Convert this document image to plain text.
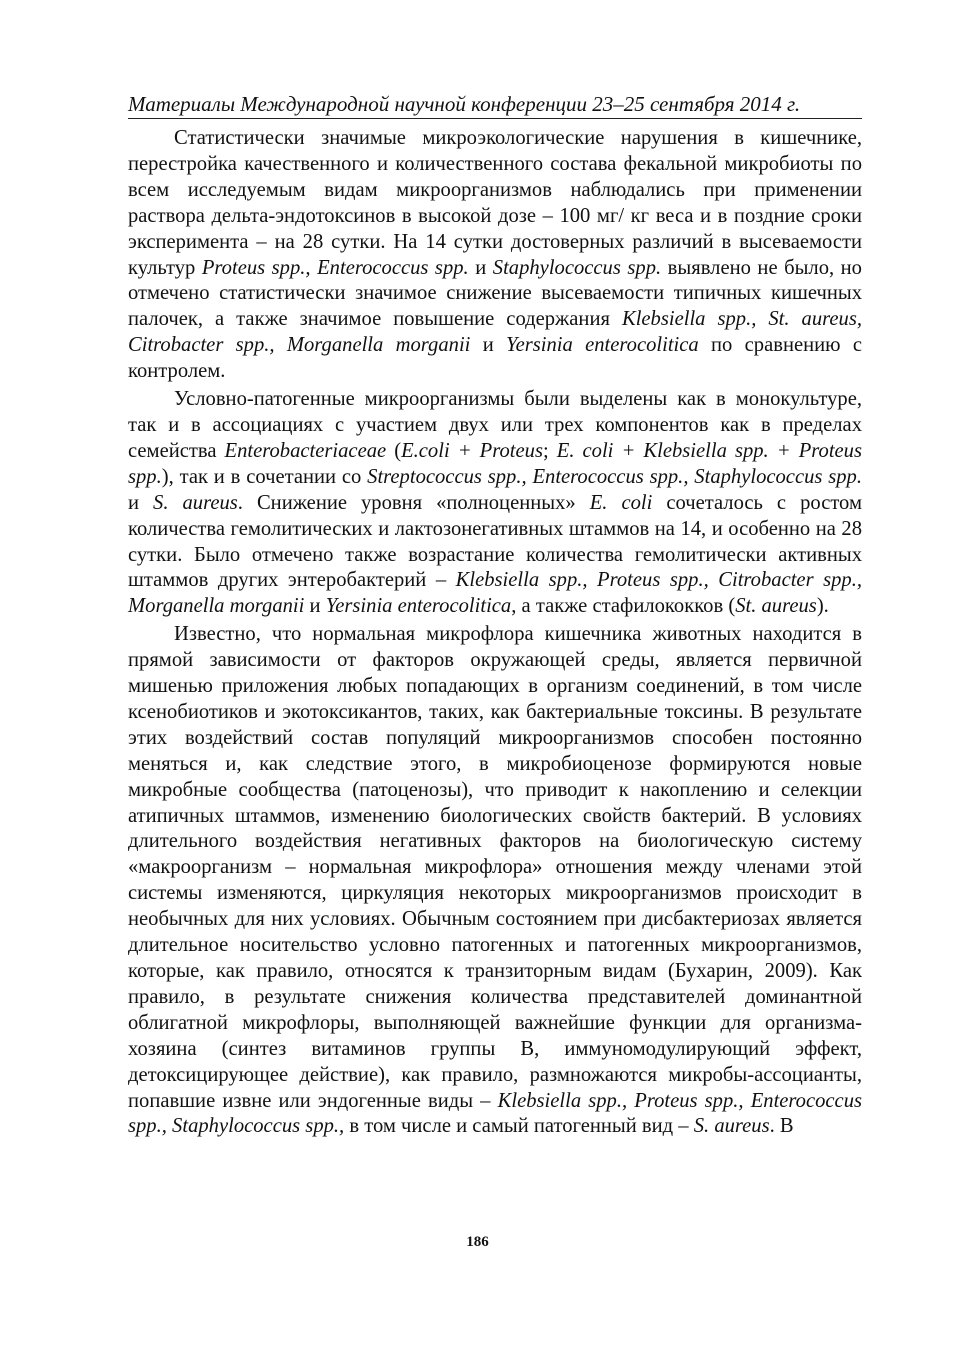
Материалы Международной научной конференции 23–25 сентября 2014 г.

Статистически значимые микроэкологические нарушения в кишечнике, перестройка качественного и количественного состава фекальной микробиоты по всем исследуемым видам микроорганизмов наблюдались при применении раствора дельта-эндотоксинов в высокой дозе – 100 мг/ кг веса и в поздние сроки эксперимента – на 28 сутки. На 14 сутки достоверных различий в высеваемости культур Proteus spp., Enterococcus spp. и Staphylococcus spp. выявлено не было, но отмечено статистически значимое снижение высеваемости типичных кишечных палочек, а также значимое повышение содержания Klebsiella spp., St. aureus, Citrobacter spp., Morganella morganii и Yersinia enterocolitica по сравнению с контролем.

Условно-патогенные микроорганизмы были выделены как в монокультуре, так и в ассоциациях с участием двух или трех компонентов как в пределах семейства Enterobacteriaceae (E.coli + Proteus; E. coli + Klebsiella spp. + Proteus spp.), так и в сочетании со Streptococcus spp., Enterococcus spp., Staphylococcus spp. и S. aureus. Снижение уровня «полноценных» E. coli сочеталось с ростом количества гемолитических и лактозонегативных штаммов на 14, и особенно на 28 сутки. Было отмечено также возрастание количества гемолитически активных штаммов других энтеробактерий – Klebsiella spp., Proteus spp., Citrobacter spp., Morganella morganii и Yersinia enterocolitica, а также стафилококков (St. aureus).

Известно, что нормальная микрофлора кишечника животных находится в прямой зависимости от факторов окружающей среды, является первичной мишенью приложения любых попадающих в организм соединений, в том числе ксенобиотиков и экотоксикантов, таких, как бактериальные токсины. В результате этих воздействий состав популяций микроорганизмов способен постоянно меняться и, как следствие этого, в микробиоценозе формируются новые микробные сообщества (патоценозы), что приводит к накоплению и селекции атипичных штаммов, изменению биологических свойств бактерий. В условиях длительного воздействия негативных факторов на биологическую систему «макроорганизм – нормальная микрофлора» отношения между членами этой системы изменяются, циркуляция некоторых микроорганизмов происходит в необычных для них условиях. Обычным состоянием при дисбактериозах является длительное носительство условно патогенных и патогенных микроорганизмов, которые, как правило, относятся к транзиторным видам (Бухарин, 2009). Как правило, в результате снижения количества представителей доминантной облигатной микрофлоры, выполняющей важнейшие функции для организма-хозяина (синтез витаминов группы В, иммуномодулирующий эффект, детоксицирующее действие), как правило, размножаются микробы-ассоцианты, попавшие извне или эндогенные виды – Klebsiella spp., Proteus spp., Enterococcus spp., Staphylococcus spp., в том числе и самый патогенный вид – S. aureus. В

186
